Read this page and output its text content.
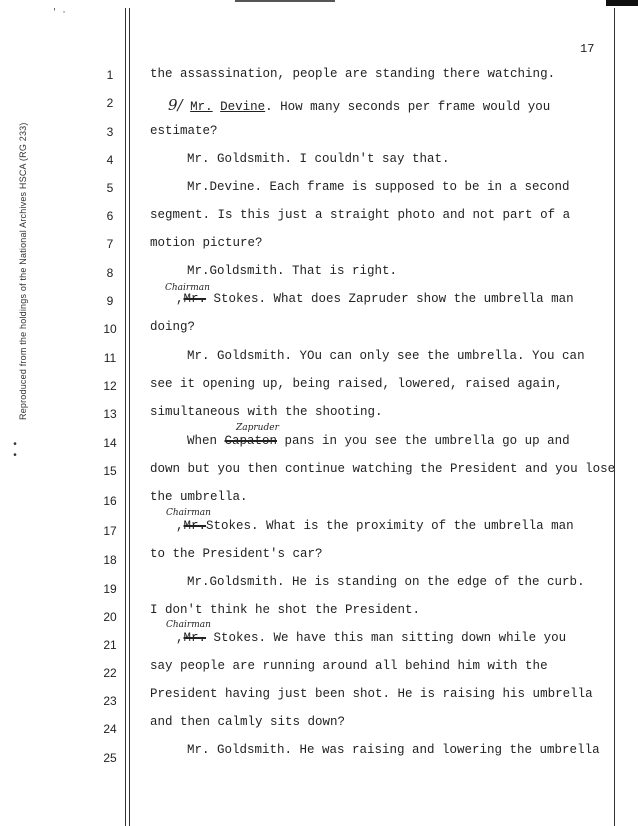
Reproduced from the holdings of the National Archives HSCA (RG 233)
•
•
' ·
17
1
2
3
4
5
6
7
8
9
10
11
12
13
14
15
16
17
18
19
20
21
22
23
24
25
the assassination, people are standing there watching.
9/ Mr. Devine. How many seconds per frame would you
estimate?
Mr. Goldsmith. I couldn't say that.
Mr.Devine. Each frame is supposed to be in a second
segment. Is this just a straight photo and not part of a
motion picture?
Mr.Goldsmith. That is right.
Chairman
,Mr. Stokes. What does Zapruder show the umbrella man
doing?
Mr. Goldsmith. YOu can only see the umbrella. You can
see it opening up, being raised, lowered, raised again,
simultaneous with the shooting.
Zapruder
When Capaton pans in you see the umbrella go up and
down but you then continue watching the President and you lose
the umbrella.
Chairman
,Mr.Stokes. What is the proximity of the umbrella man
to the President's car?
Mr.Goldsmith. He is standing on the edge of the curb.
I don't think he shot the President.
Chairman
,Mr. Stokes. We have this man sitting down while you
say people are running around all behind him with the
President having just been shot. He is raising his umbrella
and then calmly sits down?
Mr. Goldsmith. He was raising and lowering the umbrella
